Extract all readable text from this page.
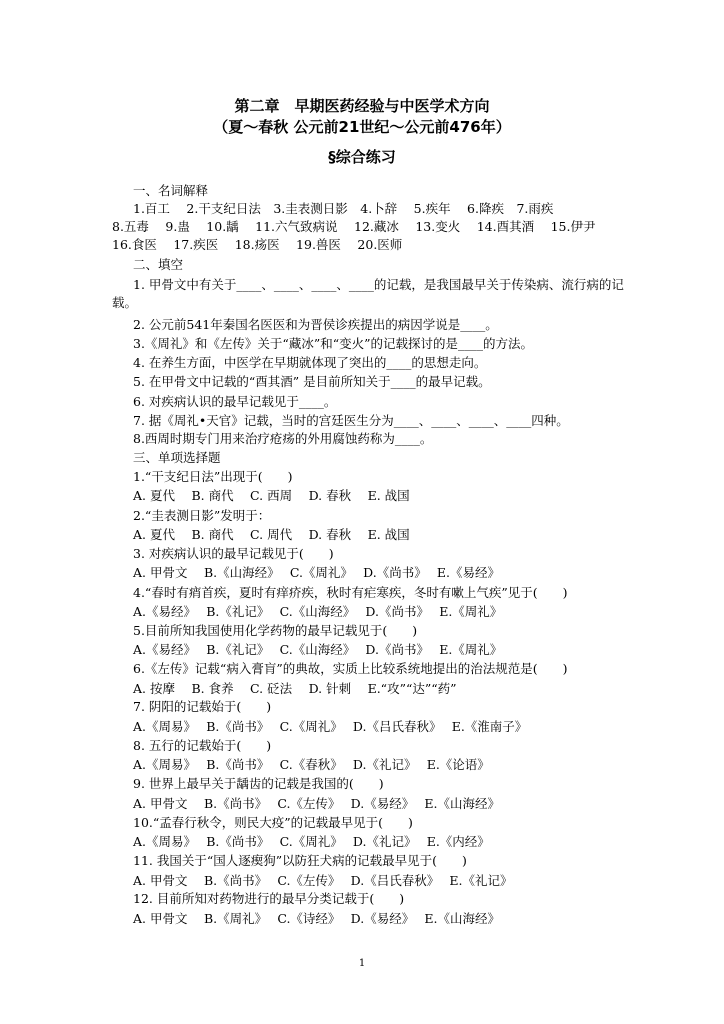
第二章　早期医药经验与中医学术方向
（夏～春秋 公元前21世纪～公元前476年）
§综合练习
一、名词解释
1.百工　 2.干支纪日法　3.圭表测日影　4.卜辞　 5.疾年　 6.降疾　7.雨疾
8.五毒　 9.蛊　 10.龋　 11.六气致病说　 12.藏冰　 13.变火　 14.酉其酒　 15.伊尹
16.食医　 17.疾医　 18.疡医　 19.兽医　 20.医师
二、填空
1. 甲骨文中有关于____、____、____、____的记载，是我国最早关于传染病、流行病的记
载。
2. 公元前541年秦国名医医和为晋侯诊疾提出的病因学说是____。
3.《周礼》和《左传》关于“藏冰”和“变火”的记载探讨的是____的方法。
4. 在养生方面，中医学在早期就体现了突出的____的思想走向。
5. 在甲骨文中记载的“酉其酒” 是目前所知关于____的最早记载。
6. 对疾病认识的最早记载见于____。
7. 据《周礼•天官》记载，当时的宫廷医生分为____、____、____、____四种。
8.西周时期专门用来治疗疮疡的外用腐蚀药称为____。
三、单项选择题
1.“干支纪日法”出现于(　　)
A. 夏代　 B. 商代　 C. 西周　 D. 春秋　 E. 战国
2.“圭表测日影”发明于：
A. 夏代　 B. 商代　 C. 周代　 D. 春秋　 E. 战国
3. 对疾病认识的最早记载见于(　　)
A. 甲骨文　 B.《山海经》　 C.《周礼》　 D.《尚书》　 E.《易经》
4.“春时有痟首疾，夏时有痒疥疾，秋时有疟寒疾，冬时有嗽上气疾”见于(　　)
A.《易经》　 B.《礼记》　 C.《山海经》　 D.《尚书》　 E.《周礼》
5.目前所知我国使用化学药物的最早记载见于(　　)
A.《易经》　 B.《礼记》　 C.《山海经》　 D.《尚书》　 E.《周礼》
6.《左传》记载“病入膏肓”的典故，实质上比较系统地提出的治法规范是(　　)
A. 按摩　 B. 食养　 C. 砭法　 D. 针刺　 E.“攻”“达”“药”
7. 阴阳的记载始于(　　)
A.《周易》　 B.《尚书》　 C.《周礼》　 D.《吕氏春秋》　 E.《淮南子》
8. 五行的记载始于(　　)
A.《周易》　 B.《尚书》　 C.《春秋》　 D.《礼记》　 E.《论语》
9. 世界上最早关于龋齿的记载是我国的(　　)
A. 甲骨文　 B.《尚书》　 C.《左传》　 D.《易经》　 E.《山海经》
10.“孟春行秋令，则民大疫”的记载最早见于(　　)
A.《周易》　 B.《尚书》　 C.《周礼》　 D.《礼记》　 E.《内经》
11. 我国关于“国人逐瘈狗”以防狂犬病的记载最早见于(　　)
A. 甲骨文　 B.《尚书》　 C.《左传》　 D.《吕氏春秋》　 E.《礼记》
12. 目前所知对药物进行的最早分类记载于(　　)
A. 甲骨文　 B.《周礼》　 C.《诗经》　 D.《易经》　 E.《山海经》
1
